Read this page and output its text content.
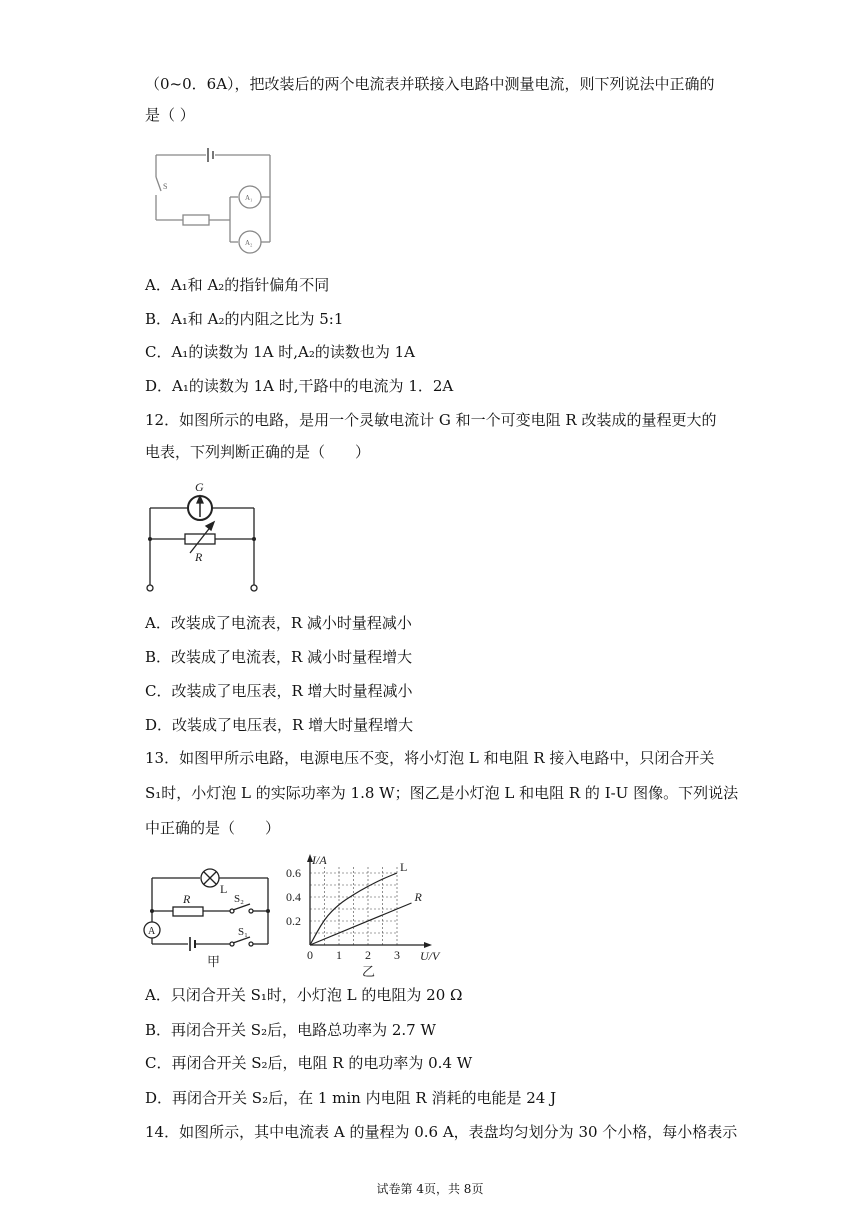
（0~0．6A），把改装后的两个电流表并联接入电路中测量电流，则下列说法中正确的
是（ ）
S
A₁
A₂
A．A₁和 A₂的指针偏角不同
B．A₁和 A₂的内阻之比为 5:1
C．A₁的读数为 1A 时,A₂的读数也为 1A
D．A₁的读数为 1A 时,干路中的电流为 1．2A
12．如图所示的电路，是用一个灵敏电流计 G 和一个可变电阻 R 改装成的量程更大的
电表，下列判断正确的是（　　）
G
R
A．改装成了电流表，R 减小时量程减小
B．改装成了电流表，R 减小时量程增大
C．改装成了电压表，R 增大时量程减小
D．改装成了电压表，R 增大时量程增大
13．如图甲所示电路，电源电压不变，将小灯泡 L 和电阻 R 接入电路中，只闭合开关
S₁时，小灯泡 L 的实际功率为 1.8 W；图乙是小灯泡 L 和电阻 R 的 I-U 图像。下列说法
中正确的是（　　）
L
R	S₂
S₁
A
甲
L
R
0 1 2 3
0.2
0.4
0.6
I/A
U/V
乙
A．只闭合开关 S₁时，小灯泡 L 的电阻为 20 Ω
B．再闭合开关 S₂后，电路总功率为 2.7 W
C．再闭合开关 S₂后，电阻 R 的电功率为 0.4 W
D．再闭合开关 S₂后，在 1 min 内电阻 R 消耗的电能是 24 J
14．如图所示，其中电流表 A 的量程为 0.6 A，表盘均匀划分为 30 个小格，每小格表示
试卷第 4页，共 8页
